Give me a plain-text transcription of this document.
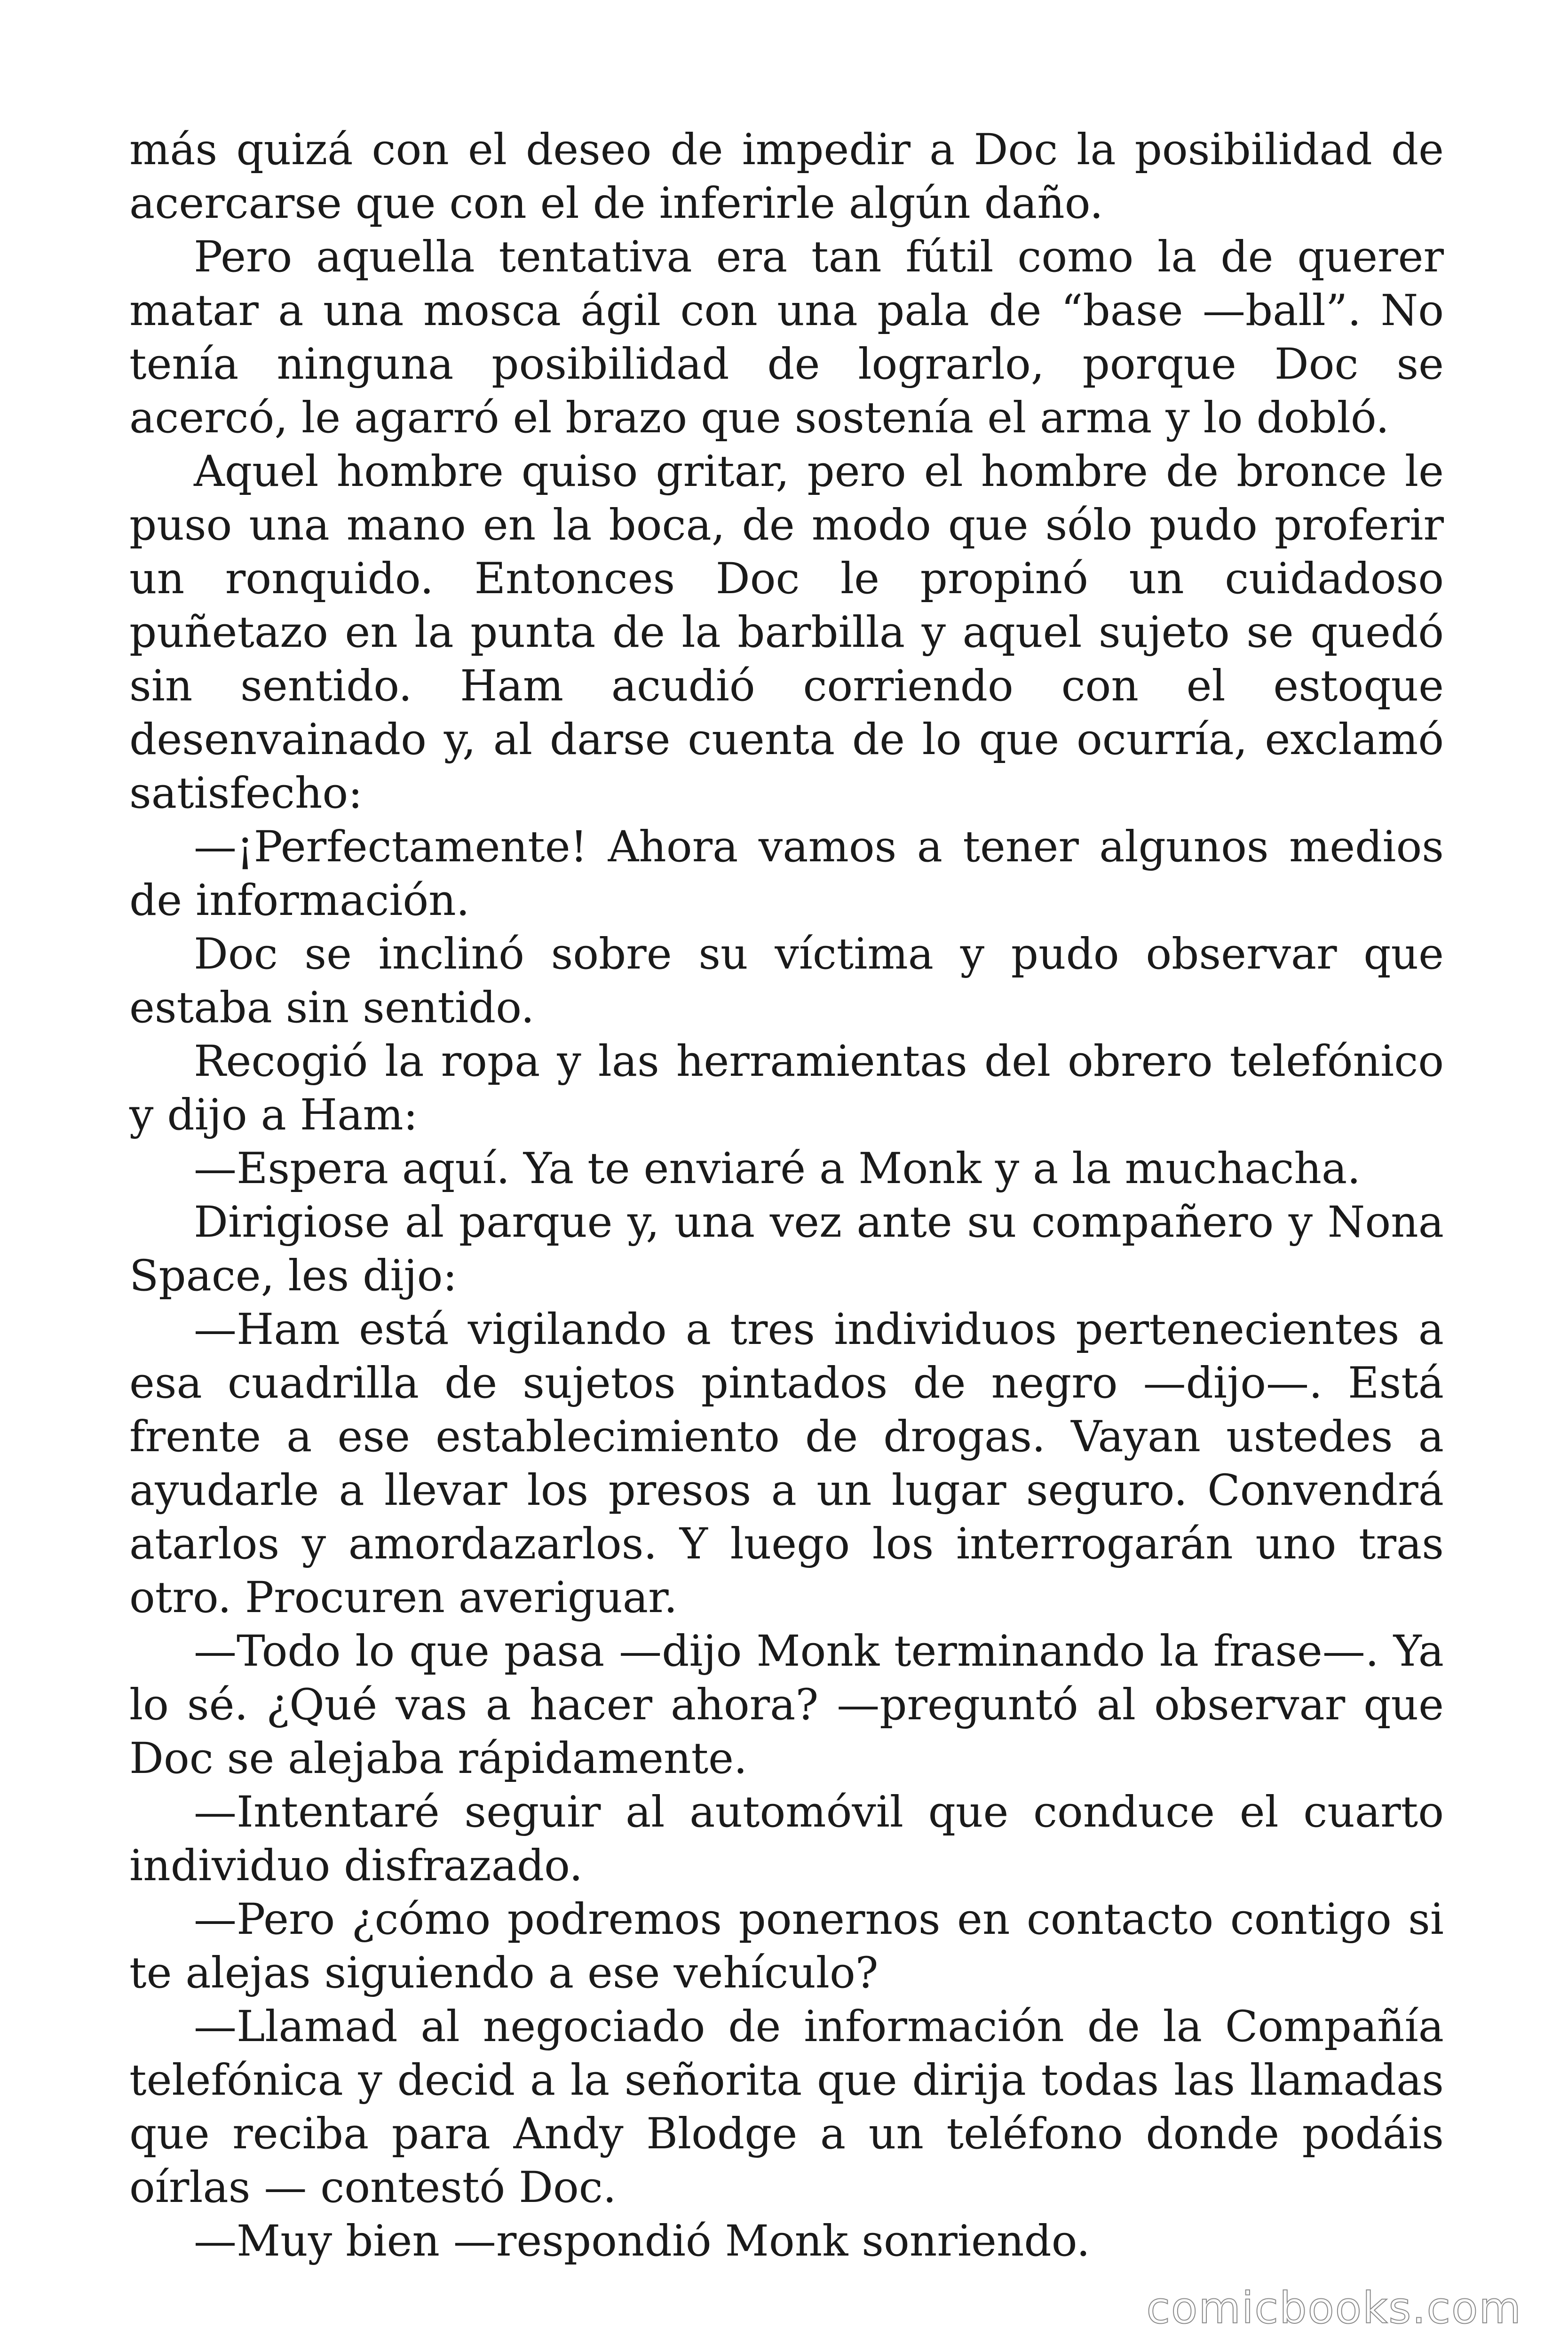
más quizá con el deseo de impedir a Doc la posibilidad de acercarse que con el de inferirle algún daño.

Pero aquella tentativa era tan fútil como la de querer matar a una mosca ágil con una pala de “base —ball”. No tenía ninguna posibilidad de lograrlo, porque Doc se acercó, le agarró el brazo que sostenía el arma y lo dobló.

Aquel hombre quiso gritar, pero el hombre de bronce le puso una mano en la boca, de modo que sólo pudo proferir un ronquido. Entonces Doc le propinó un cuidadoso puñetazo en la punta de la barbilla y aquel sujeto se quedó sin sentido. Ham acudió corriendo con el estoque desenvainado y, al darse cuenta de lo que ocurría, exclamó satisfecho:

—¡Perfectamente! Ahora vamos a tener algunos medios de información.

Doc se inclinó sobre su víctima y pudo observar que estaba sin sentido.

Recogió la ropa y las herramientas del obrero telefónico y dijo a Ham:

—Espera aquí. Ya te enviaré a Monk y a la muchacha.

Dirigiose al parque y, una vez ante su compañero y Nona Space, les dijo:

—Ham está vigilando a tres individuos pertenecientes a esa cuadrilla de sujetos pintados de negro —dijo—. Está frente a ese establecimiento de drogas. Vayan ustedes a ayudarle a llevar los presos a un lugar seguro. Convendrá atarlos y amordazarlos. Y luego los interrogarán uno tras otro. Procuren averiguar.

—Todo lo que pasa —dijo Monk terminando la frase—. Ya lo sé. ¿Qué vas a hacer ahora? —preguntó al observar que Doc se alejaba rápidamente.

—Intentaré seguir al automóvil que conduce el cuarto individuo disfrazado.

—Pero ¿cómo podremos ponernos en contacto contigo si te alejas siguiendo a ese vehículo?

—Llamad al negociado de información de la Compañía telefónica y decid a la señorita que dirija todas las llamadas que reciba para Andy Blodge a un teléfono donde podáis oírlas — contestó Doc.

—Muy bien —respondió Monk sonriendo.

comicbooks.com
